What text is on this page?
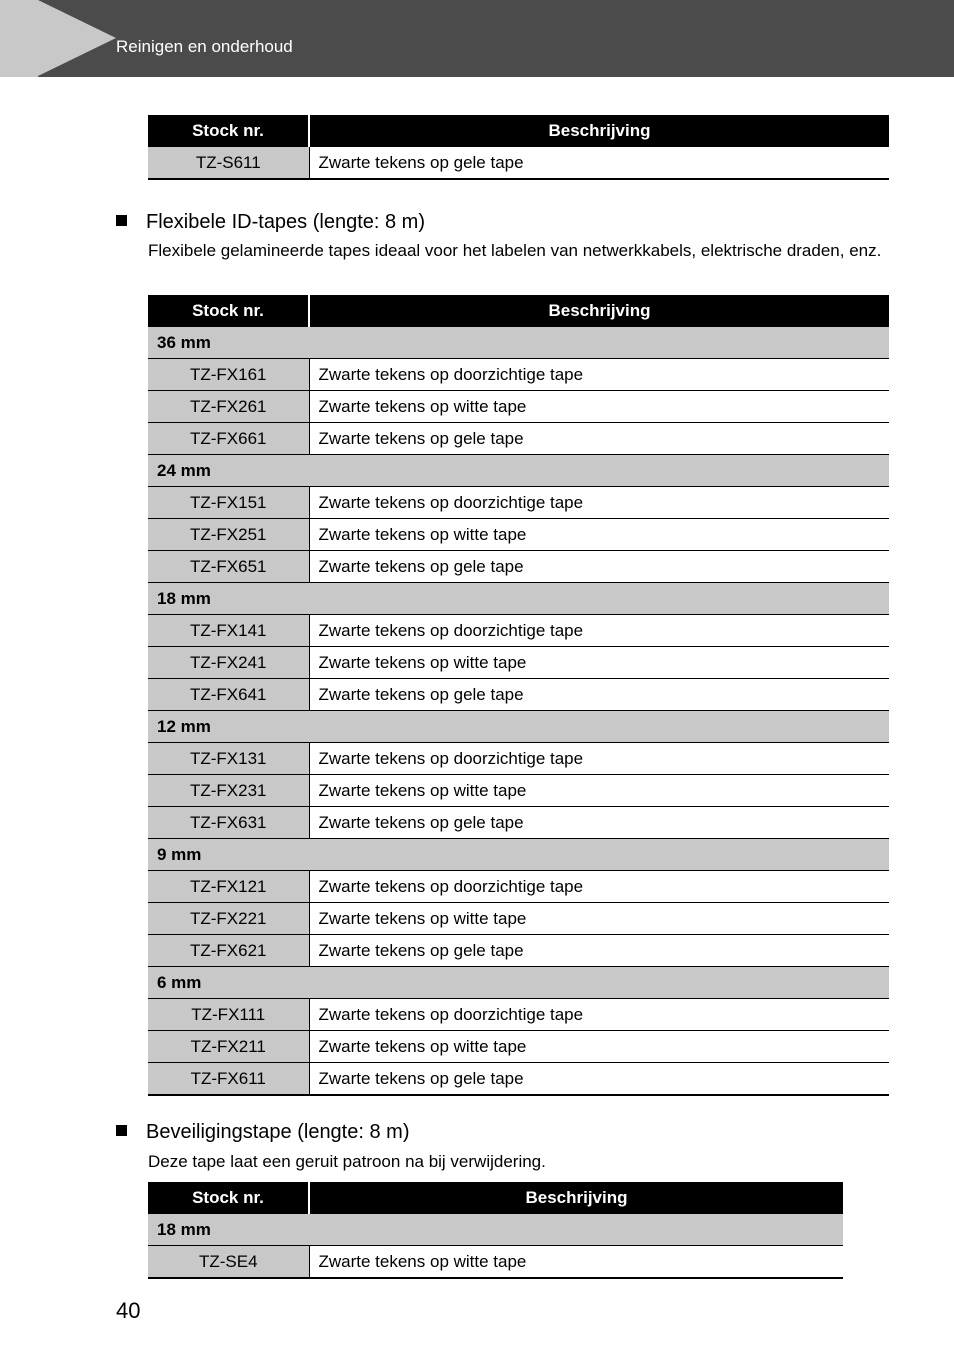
Reinigen en onderhoud
Stock nr.	Beschrijving
TZ-S611	Zwarte tekens op gele tape
Flexibele ID-tapes (lengte: 8 m)
Flexibele gelamineerde tapes ideaal voor het labelen van netwerkkabels, elektrische draden, enz.
Stock nr.	Beschrijving
36 mm	
TZ-FX161	Zwarte tekens op doorzichtige tape
TZ-FX261	Zwarte tekens op witte tape
TZ-FX661	Zwarte tekens op gele tape
24 mm	
TZ-FX151	Zwarte tekens op doorzichtige tape
TZ-FX251	Zwarte tekens op witte tape
TZ-FX651	Zwarte tekens op gele tape
18 mm	
TZ-FX141	Zwarte tekens op doorzichtige tape
TZ-FX241	Zwarte tekens op witte tape
TZ-FX641	Zwarte tekens op gele tape
12 mm	
TZ-FX131	Zwarte tekens op doorzichtige tape
TZ-FX231	Zwarte tekens op witte tape
TZ-FX631	Zwarte tekens op gele tape
9 mm	
TZ-FX121	Zwarte tekens op doorzichtige tape
TZ-FX221	Zwarte tekens op witte tape
TZ-FX621	Zwarte tekens op gele tape
6 mm	
TZ-FX111	Zwarte tekens op doorzichtige tape
TZ-FX211	Zwarte tekens op witte tape
TZ-FX611	Zwarte tekens op gele tape
Beveiligingstape (lengte: 8 m)
Deze tape laat een geruit patroon na bij verwijdering.
Stock nr.	Beschrijving
18 mm	
TZ-SE4	Zwarte tekens op witte tape
40
